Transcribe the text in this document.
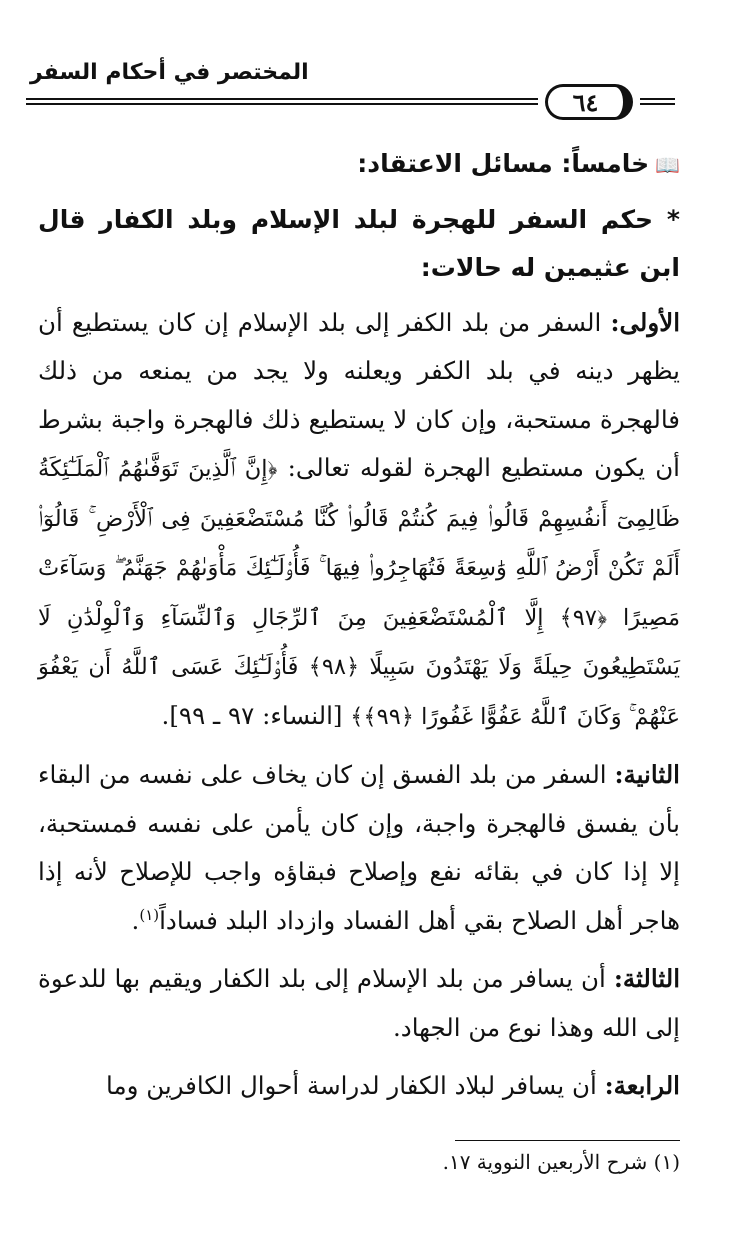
المختصر في أحكام السفر
٦٤

📖خامساً: مسائل الاعتقاد:

* حكم السفر للهجرة لبلد الإسلام وبلد الكفار قال ابن عثيمين له حالات:

الأولى: السفر من بلد الكفر إلى بلد الإسلام إن كان يستطيع أن يظهر دينه في بلد الكفر ويعلنه ولا يجد من يمنعه من ذلك فالهجرة مستحبة، وإن كان لا يستطيع ذلك فالهجرة واجبة بشرط أن يكون مستطيع الهجرة لقوله تعالى: ﴿إِنَّ ٱلَّذِينَ تَوَفَّىٰهُمُ ٱلْمَلَـٰٓئِكَةُ ظَالِمِىٓ أَنفُسِهِمْ قَالُوا۟ فِيمَ كُنتُمْ قَالُوا۟ كُنَّا مُسْتَضْعَفِينَ فِى ٱلْأَرْضِ ۚ قَالُوٓا۟ أَلَمْ تَكُنْ أَرْضُ ٱللَّهِ وَٰسِعَةً فَتُهَاجِرُوا۟ فِيهَا ۚ فَأُو۟لَـٰٓئِكَ مَأْوَىٰهُمْ جَهَنَّمُ ۖ وَسَآءَتْ مَصِيرًا ﴿٩٧﴾ إِلَّا ٱلْمُسْتَضْعَفِينَ مِنَ ٱلرِّجَالِ وَٱلنِّسَآءِ وَٱلْوِلْدَٰنِ لَا يَسْتَطِيعُونَ حِيلَةً وَلَا يَهْتَدُونَ سَبِيلًا ﴿٩٨﴾ فَأُو۟لَـٰٓئِكَ عَسَى ٱللَّهُ أَن يَعْفُوَ عَنْهُمْ ۚ وَكَانَ ٱللَّهُ عَفُوًّا غَفُورًا ﴿٩٩﴾﴾ [النساء: ٩٧ ـ ٩٩].

الثانية: السفر من بلد الفسق إن كان يخاف على نفسه من البقاء بأن يفسق فالهجرة واجبة، وإن كان يأمن على نفسه فمستحبة، إلا إذا كان في بقائه نفع وإصلاح فبقاؤه واجب للإصلاح لأنه إذا هاجر أهل الصلاح بقي أهل الفساد وازداد البلد فساداً$^{(١)}$.

الثالثة: أن يسافر من بلد الإسلام إلى بلد الكفار ويقيم بها للدعوة إلى الله وهذا نوع من الجهاد.

الرابعة: أن يسافر لبلاد الكفار لدراسة أحوال الكافرين وما

(١) شرح الأربعين النووية ١٧.
